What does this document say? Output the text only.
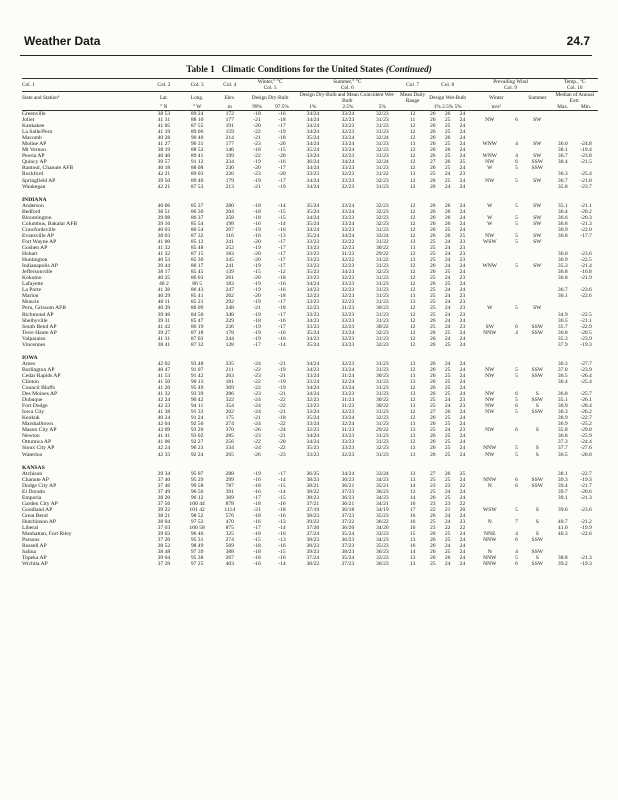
Weather Data	24.7
Table 1 Climatic Conditions for the United States (Continued)
Col. 1	Col. 2	Col. 3	Col. 4	Winter,° °C
Col. 5		Summer,° °C
Col. 6			Col. 7	Col. 8			Prevailing Wind
Col. 9			Temp., °C
Col. 10	
State and Stationª	Lat.	Long.	Elev.	Design Dry-Bulb		Design Dry-Bulb and Mean Coincident Wet-Bulb			Mean Daily Range	Design Wet-Bulb			Winter		Summer	Median of Annual Extr.	
	° N	° W	m	99%	97.5%	1%	2.5%	5%		1% 2.5% 5%			m/s²			Max.	Min.
Greenville	38 53	89 24	172	-18	-16	34/24	33/24	32/23	12	26	26	24					
Joliet	41 31	88 10	177	-21	-18	34/24	32/23	31/23	11	26	25	24	NW	6	SW		
Kankakee	41 05	87 55	191	-20	-17	34/24	33/23	31/23	12	26	25	24					
La Salle/Peru	41 19	89 06	159	-22	-19	34/24	32/23	31/23	12	26	25	24					
Macomb	40 28	90 40	214	-21	-18	35/24	33/24	32/24	12	26	26	24					
Moline AP	41 27	90 31	177	-23	-20	34/24	33/24	31/23	13	26	25	24	WNW	4	SW	36.0	-24.8
Mt Vernon	38 19	88 52	146	-18	-15	35/24	33/24	32/23	12	26	26	24				38.1	-19.4
Peoria AP	40 40	89 41	199	-22	-20	33/24	32/23	31/23	12	26	25	24	WNW	4	SW	36.7	-23.8
Quincy AP	39 57	91 12	234	-19	-16	36/24	34/24	32/24	12	27	26	25	NW	6	SSW	38.4	-21.5
Rantoul, Chanute AFB	40 18	88 08	230	-20	-17	34/24	33/23	31/23	12	26	25	24	W	5	SSW		
Rockford	42 21	89 03	226	-23	-20	33/23	32/23	31/22	13	25	24	23				36.3	-25.4
Springfield AP	39 50	89 40	179	-19	-17	34/24	33/23	32/23	12	26	25	24	NW	5	SW	36.7	-21.8
Waukegan	42 21	87 53	213	-21	-19	34/24	32/23	31/23	12	26	24	24				35.8	-23.7

INDIANA																	
Anderson	40 06	85 37	280	-18	-14	35/24	33/24	32/23	12	26	26	24	W	5	SW	35.1	-21.1
Bedford	38 51	86 30	204	-18	-15	35/24	33/24	32/23	12	26	26	24				36.4	-20.2
Bloomington	39 08	86 37	258	-18	-15	34/24	33/23	32/23	12	26	26	24	W	5	SW	36.6	-20.3
Columbus, Bakalar AFB	39 16	85 54	198	-16	-14	35/24	33/24	32/23	12	26	26	24	W	5	SW	36.8	-21.3
Crawfordsville	40 03	86 54	207	-19	-16	34/24	33/23	31/23	12	26	25	24				36.9	-22.0
Evansville AP	38 03	87 32	116	-16	-13	35/24	34/24	33/24	12	26	26	25	NW	5	SW	36.8	-17.7
Fort Wayne AP	41 00	85 12	241	-20	-17	33/23	32/22	31/22	13	25	24	23	WSW	5	SW		
Goshen AP	41 32	85 48	252	-19	-17	33/23	32/23	30/22	13	25	24	23					
Hobart	41 32	87 15	183	-20	-17	33/23	31/23	29/22	12	25	24	23				36.0	-23.6
Huntington	40 53	85 30	245	-20	-17	33/23	32/22	31/22	13	25	24	23				36.9	-22.5
Indianapolis AP	39 44	86 17	241	-19	-17	33/23	32/23	31/23	12	26	24	24	WNW	5	SW	35.3	-21.4
Jeffersonville	38 17	85 45	139	-15	-12	35/23	34/23	32/23	12	26	25	24				36.8	-16.8
Kokomo	40 25	86 03	261	-20	-18	33/23	32/23	31/23	12	25	24	23				36.8	-21.9
Lafayette	40 2	86 5	183	-19	-16	34/24	33/23	31/23	12	26	25	24					
La Porte	41 36	86 43	247	-19	-16	34/23	32/23	31/23	12	25	24	24				36.7	-23.6
Marion	40 29	85 41	262	-20	-18	32/23	32/23	31/23	13	25	24	23				36.1	-22.6
Muncie	40 11	85 21	292	-19	-17	33/23	32/23	31/23	13	25	24	23					
Peru, Grissom AFB	40 39	86 09	248	-21	-18	32/23	31/23	30/23	12	25	24	23	W	5	SW		
Richmond AP	39 46	84 50	348	-19	-17	33/23	32/23	31/23	12	25	24	23				34.9	-22.5
Shelbyville	39 31	85 47	229	-18	-16	34/23	33/23	31/23	12	26	24	24				36.5	-21.1
South Bend AP	41 42	86 19	236	-19	-17	33/23	32/23	30/22	12	25	24	23	SW	6	SSW	35.7	-22.9
Terre Haute AP	39 27	87 18	178	-19	-16	35/24	33/24	32/23	12	26	25	24	NNW	4	SSW	36.8	-20.5
Valparaiso	41 31	87 02	244	-19	-16	34/23	32/23	31/23	12	26	24	24				35.3	-23.9
Vincennes	38 41	87 32	128	-17	-14	35/24	33/23	32/23	12	26	25	24				37.9	-19.3

IOWA																	
Ames	42 02	93 48	335	-24	-21	34/24	32/23	31/23	13	26	24	24				36.3	-27.7
Burlington AP	40 47	91 07	211	-22	-19	34/23	33/24	31/23	12	26	25	24	NW	5	SSW	37.0	-23.9
Cedar Rapids AP	41 53	91 42	263	-23	-21	33/24	31/24	30/23	13	26	25	24	NW	5	SSW	36.5	-26.4
Clinton	41 50	90 13	181	-22	-19	33/24	32/24	31/23	13	26	25	24				36.4	-25.4
Council Bluffs	41 20	95 49	369	-22	-19	34/24	33/24	31/23	12	26	25	24					
Des Moines AP	41 32	93 39	286	-23	-21	34/24	33/23	31/23	13	26	25	24	NW	6	S	36.8	-25.7
Dubuque	42 24	90 42	322	-24	-22	32/23	31/23	30/22	12	25	24	23	NW	5	SSW	35.1	-26.1
Fort Dodge	42 33	94 11	354	-24	-22	33/23	31/23	30/22	13	25	24	23	NW	6	S	36.9	-28.4
Iowa City	41 38	91 33	202	-24	-21	33/24	32/23	31/23	12	27	26	24	NW	5	SSW	36.3	-26.2
Keokuk	40 24	91 24	175	-21	-18	35/24	33/24	32/23	12	26	25	24				38.9	-22.7
Marshalltown	42 04	92 56	274	-24	-22	33/24	32/24	31/23	13	26	25	24				36.9	-25.2
Mason City AP	43 09	93 20	370	-26	-24	32/23	31/23	29/22	13	25	24	23	NW	6	S	35.8	-29.8
Newton	41 41	93 02	285	-23	-21	34/24	33/23	31/23	13	26	25	24				36.8	-25.9
Ottumwa AP	41 06	92 27	256	-22	-20	34/24	33/23	31/23	12	26	25	24				37.3	-24.4
Sioux City AP	42 24	96 23	334	-24	-22	35/23	33/23	32/23	13	26	25	24	NNW	5	S	37.7	-27.6
Waterloo	42 33	92 24	265	-26	-23	33/23	32/23	31/23	13	26	25	24	NW	5	S	36.5	-28.8

KANSAS																	
Atchison	39 34	95 07	288	-19	-17	36/25	34/24	33/24	13	27	26	25				38.1	-22.7
Chanute AP	37 40	95 29	299	-16	-14	38/23	36/23	34/23	13	25	25	24	NNW	6	SSW	39.3	-19.3
Dodge City AP	37 46	99 58	787	-18	-15	38/21	36/21	35/21	14	23	23	22	N	6	SSW	39.4	-21.7
El Dorado	37 49	96 50	391	-16	-14	38/22	37/23	36/23	13	25	24	24				39.7	-20.6
Emporia	38 20	96 12	369	-17	-15	38/23	36/23	34/23	14	26	25	24				39.1	-21.3
Garden City AP	37 56	100 44	878	-18	-16	37/21	36/21	34/21	16	23	23	22					
Goodland AP	39 22	101 42	1114	-21	-18	37/19	36/18	34/19	17	22	21	20	WSW	5	S	39.6	-23.6
Great Bend	38 21	98 52	576	-18	-16	38/23	37/23	35/23	16	26	24	24					
Hutchinson AP	38 04	97 52	470	-16	-13	39/22	37/22	36/22	16	25	24	23	N	7	S	40.7	-21.2
Liberal	37 03	100 58	875	-17	-14	37/20	36/20	34/20	16	23	22	22				41.0	-19.9
Manhattan, Fort Riley	39 03	96 46	325	-18	-16	37/24	35/24	33/23	15	26	25	24	NNE	4	S	40.3	-22.6
Parsons	37 20	95 31	274	-15	-13	38/23	36/23	34/23	13	26	25	24	NNW	6	SSW		
Russell AP	38 52	98 49	569	-18	-16	38/23	37/23	35/23	16	26	24	24					
Salina	38 48	97 39	388	-18	-15	39/23	38/23	36/23	14	26	25	24	N	4	SSW		
Topeka AP	39 04	95 38	267	-18	-16	37/24	35/24	33/23	13	26	26	24	NNW	5	S	38.8	-21.3
Wichita AP	37 39	97 25	403	-16	-14	38/22	37/23	36/23	13	25	24	24	NNW	6	SSW	39.2	-19.3
